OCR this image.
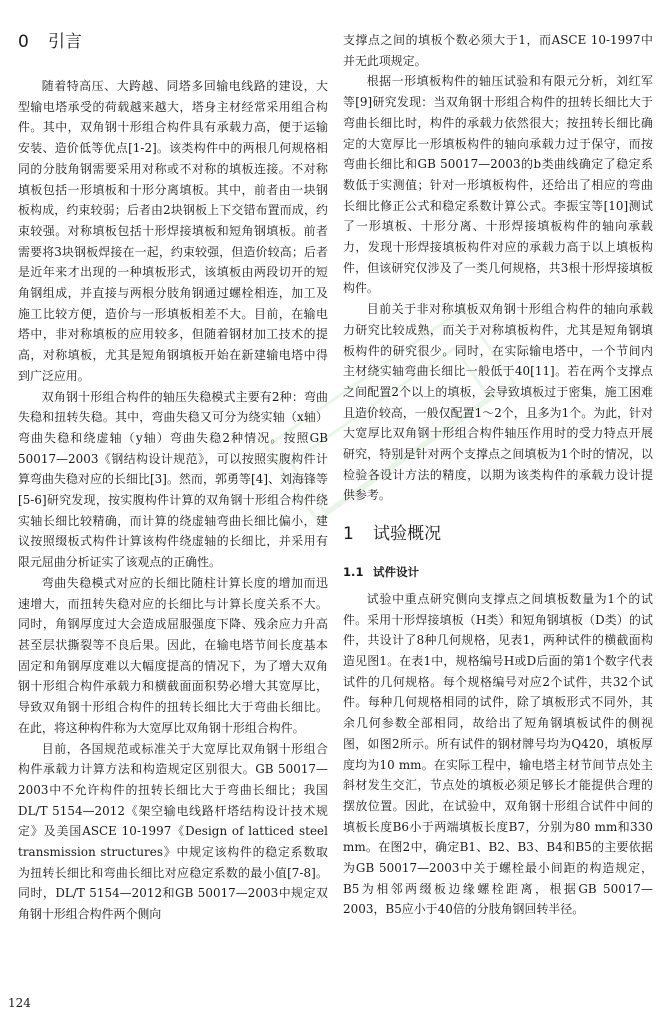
0 引言

随着特高压、大跨越、同塔多回输电线路的建设，大型输电塔承受的荷载越来越大，塔身主材经常采用组合构件。其中，双角钢十形组合构件具有承载力高，便于运输安装、造价低等优点[1-2]。该类构件中的两根几何规格相同的分肢角钢需要采用对称或不对称的填板连接。不对称填板包括一形填板和十形分离填板。其中，前者由一块钢板构成，约束较弱；后者由2块钢板上下交错布置而成，约束较强。对称填板包括十形焊接填板和短角钢填板。前者需要将3块钢板焊接在一起，约束较强，但造价较高；后者是近年来才出现的一种填板形式，该填板由两段切开的短角钢组成，并直接与两根分肢角钢通过螺栓相连，加工及施工比较方便，造价与一形填板相差不大。目前，在输电塔中，非对称填板的应用较多，但随着钢材加工技术的提高，对称填板，尤其是短角钢填板开始在新建输电塔中得到广泛应用。

双角钢十形组合构件的轴压失稳模式主要有2种：弯曲失稳和扭转失稳。其中，弯曲失稳又可分为绕实轴（x轴）弯曲失稳和绕虚轴（y轴）弯曲失稳2种情况。按照GB 50017—2003《钢结构设计规范》，可以按照实腹构件计算弯曲失稳对应的长细比[3]。然而，郭勇等[4]、刘海锋等[5-6]研究发现，按实腹构件计算的双角钢十形组合构件绕实轴长细比较精确，而计算的绕虚轴弯曲长细比偏小，建议按照缀板式构件计算该构件绕虚轴的长细比，并采用有限元屈曲分析证实了该观点的正确性。

弯曲失稳模式对应的长细比随柱计算长度的增加而迅速增大，而扭转失稳对应的长细比与计算长度关系不大。同时，角钢厚度过大会造成屈服强度下降、残余应力升高甚至层状撕裂等不良后果。因此，在输电塔节间长度基本固定和角钢厚度难以大幅度提高的情况下，为了增大双角钢十形组合构件承载力和横截面面积势必增大其宽厚比，导致双角钢十形组合构件的扭转长细比大于弯曲长细比。在此，将这种构件称为大宽厚比双角钢十形组合构件。

目前，各国规范或标准关于大宽厚比双角钢十形组合构件承载力计算方法和构造规定区别很大。GB 50017—2003中不允许构件的扭转长细比大于弯曲长细比；我国DL/T 5154—2012《架空输电线路杆塔结构设计技术规定》及美国ASCE 10-1997《Design of latticed steel transmission structures》中规定该构件的稳定系数取为扭转长细比和弯曲长细比对应稳定系数的最小值[7-8]。同时，DL/T 5154—2012和GB 50017—2003中规定双角钢十形组合构件两个侧向

支撑点之间的填板个数必须大于1，而ASCE 10-1997中并无此项规定。

根据一形填板构件的轴压试验和有限元分析，刘红军等[9]研究发现：当双角钢十形组合构件的扭转长细比大于弯曲长细比时，构件的承载力依然很大；按扭转长细比确定的大宽厚比一形填板构件的轴向承载力过于保守，而按弯曲长细比和GB 50017—2003的b类曲线确定了稳定系数低于实测值；针对一形填板构件，还给出了相应的弯曲长细比修正公式和稳定系数计算公式。李振宝等[10]测试了一形填板、十形分离、十形焊接填板构件的轴向承载力，发现十形焊接填板构件对应的承载力高于以上填板构件，但该研究仅涉及了一类几何规格，共3根十形焊接填板构件。

目前关于非对称填板双角钢十形组合构件的轴向承载力研究比较成熟，而关于对称填板构件，尤其是短角钢填板构件的研究很少。同时，在实际输电塔中，一个节间内主材绕实轴弯曲长细比一般低于40[11]。若在两个支撑点之间配置2个以上的填板，会导致填板过于密集，施工困难且造价较高，一般仅配置1～2个，且多为1个。为此，针对大宽厚比双角钢十形组合构件轴压作用时的受力特点开展研究，特别是针对两个支撑点之间填板为1个时的情况，以检验各设计方法的精度，以期为该类构件的承载力设计提供参考。

1 试验概况
1.1 试件设计

试验中重点研究侧向支撑点之间填板数量为1个的试件。采用十形焊接填板（H类）和短角钢填板（D类）的试件，共设计了8种几何规格，见表1，两种试件的横截面构造见图1。在表1中，规格编号H或D后面的第1个数字代表试件的几何规格。每个规格编号对应2个试件，共32个试件。每种几何规格相同的试件，除了填板形式不同外，其余几何参数全部相同，故给出了短角钢填板试件的侧视图，如图2所示。所有试件的钢材牌号均为Q420，填板厚度均为10 mm。在实际工程中，输电塔主材节间节点处主斜材发生交汇，节点处的填板必须足够长才能提供合理的摆放位置。因此，在试验中，双角钢十形组合试件中间的填板长度B6小于两端填板长度B7，分别为80 mm和330 mm。在图2中，确定B1、B2、B3、B4和B5的主要依据为GB 50017—2003中关于螺栓最小间距的构造规定，B5为相邻两缀板边缘螺栓距离，根据GB 50017—2003，B5应小于40倍的分肢角钢回转半径。

124
